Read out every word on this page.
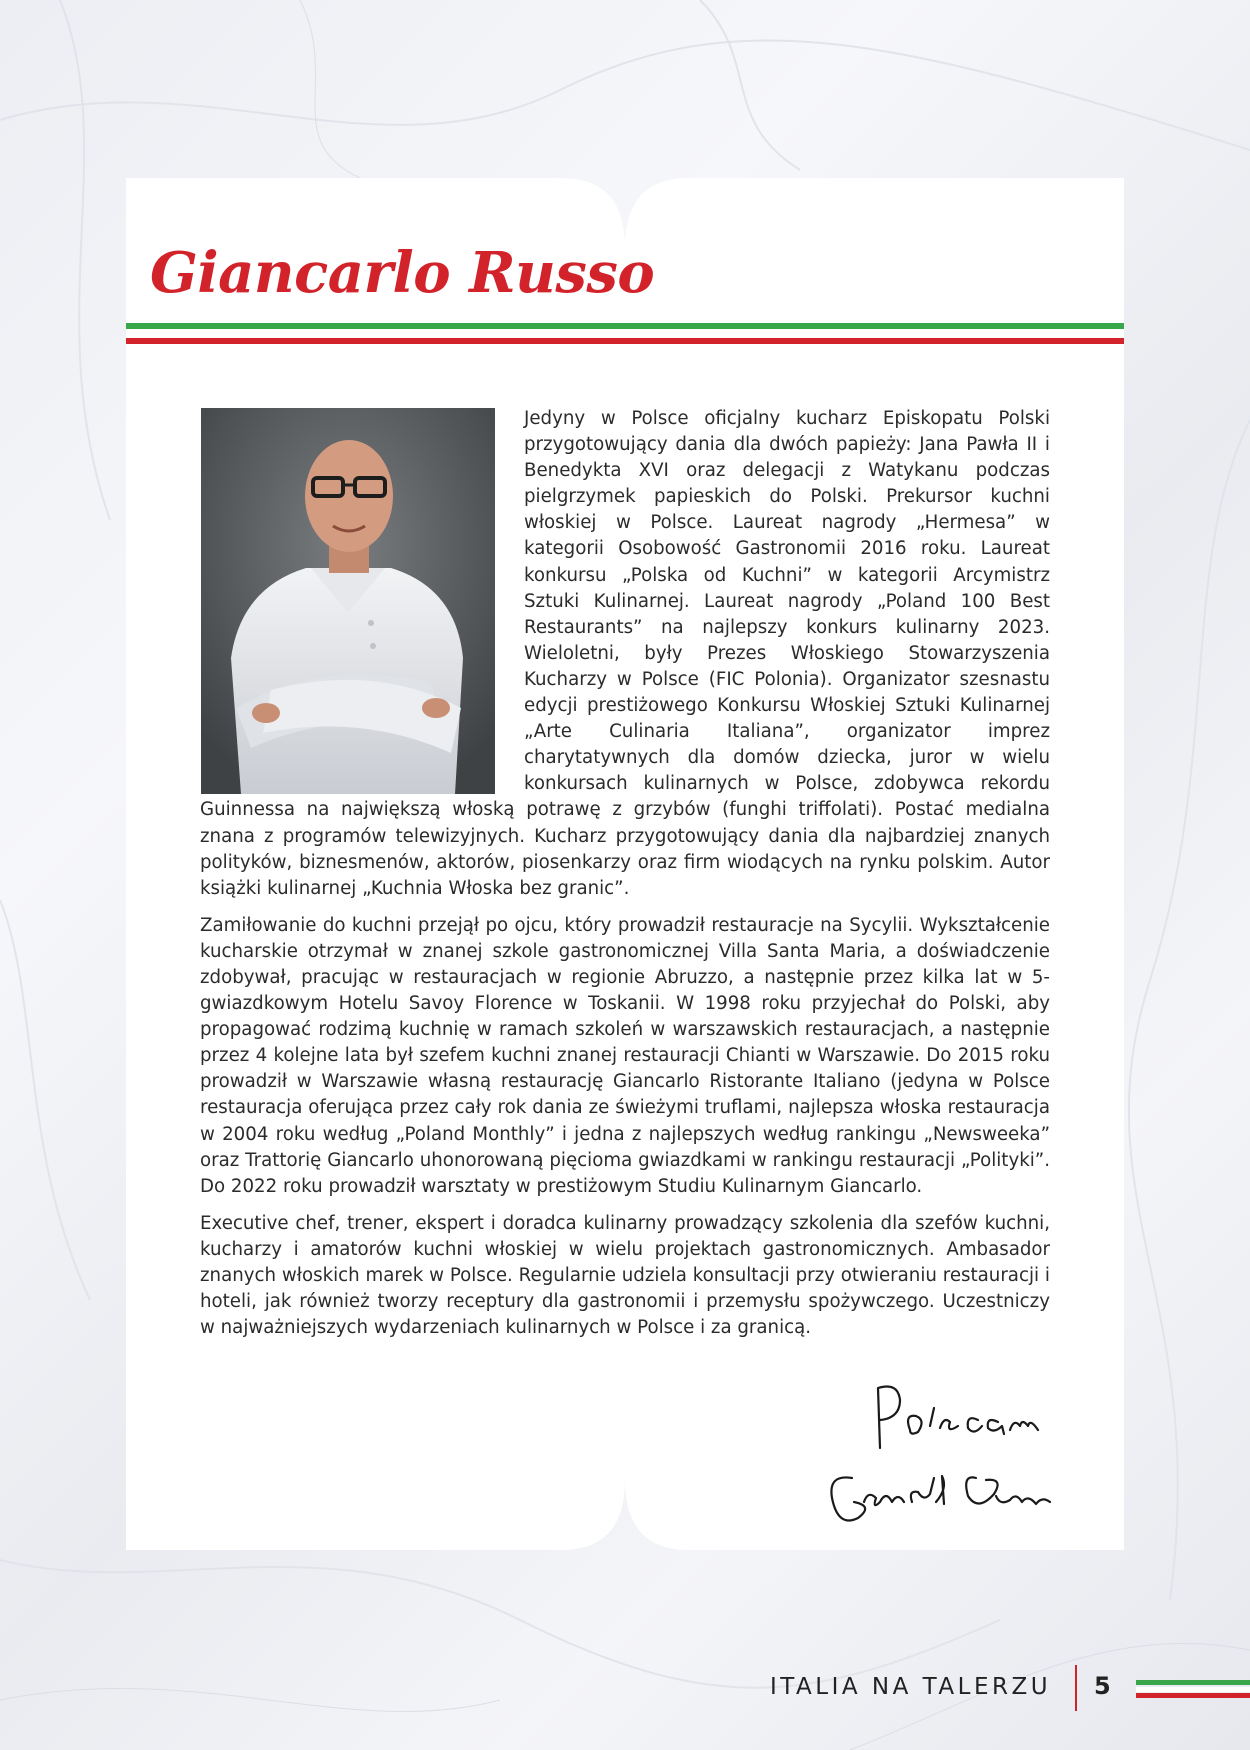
Giancarlo Russo

Jedyny w Polsce oficjalny kucharz Episkopatu Polski przygotowujący dania dla dwóch papieży: Jana Pawła II i Benedykta XVI oraz delegacji z Watykanu podczas pielgrzymek papieskich do Polski. Prekursor kuchni włoskiej w Polsce. Laureat nagrody „Hermesa” w kategorii Osobowość Gastronomii 2016 roku. Laureat konkursu „Polska od Kuchni” w kategorii Arcymistrz Sztuki Kulinarnej. Laureat nagrody „Poland 100 Best Restaurants” na najlepszy konkurs kulinarny 2023. Wieloletni, były Prezes Włoskiego Stowarzyszenia Kucharzy w Polsce (FIC Polonia). Organizator szesnastu edycji prestiżowego Konkursu Włoskiej Sztuki Kulinarnej „Arte Culinaria Italiana”, organizator imprez charytatywnych dla domów dziecka, juror w wielu konkursach kulinarnych w Polsce, zdobywca rekordu Guinnessa na największą włoską potrawę z grzybów (funghi triffolati). Postać medialna znana z programów telewizyjnych. Kucharz przygotowujący dania dla najbardziej znanych polityków, biznesmenów, aktorów, piosenkarzy oraz firm wiodących na rynku polskim. Autor książki kulinarnej „Kuchnia Włoska bez granic”.

Zamiłowanie do kuchni przejął po ojcu, który prowadził restauracje na Sycylii. Wykształcenie kucharskie otrzymał w znanej szkole gastronomicznej Villa Santa Maria, a doświadczenie zdobywał, pracując w restauracjach w regionie Abruzzo, a następnie przez kilka lat w 5-gwiazdkowym Hotelu Savoy Florence w Toskanii. W 1998 roku przyjechał do Polski, aby propagować rodzimą kuchnię w ramach szkoleń w warszawskich restauracjach, a następnie przez 4 kolejne lata był szefem kuchni znanej restauracji Chianti w Warszawie. Do 2015 roku prowadził w Warszawie własną restaurację Giancarlo Ristorante Italiano (jedyna w Polsce restauracja oferująca przez cały rok dania ze świeżymi truflami, najlepsza włoska restauracja w 2004 roku według „Poland Monthly” i jedna z najlepszych według rankingu „Newsweeka” oraz Trattorię Giancarlo uhonorowaną pięcioma gwiazdkami w rankingu restauracji „Polityki”. Do 2022 roku prowadził warsztaty w prestiżowym Studiu Kulinarnym Giancarlo.

Executive chef, trener, ekspert i doradca kulinarny prowadzący szkolenia dla szefów kuchni, kucharzy i amatorów kuchni włoskiej w wielu projektach gastronomicznych. Ambasador znanych włoskich marek w Polsce. Regularnie udziela konsultacji przy otwieraniu restauracji i hoteli, jak również tworzy receptury dla gastronomii i przemysłu spożywczego. Uczestniczy w najważniejszych wydarzeniach kulinarnych w Polsce i za granicą.

ITALIA NA TALERZU 5
